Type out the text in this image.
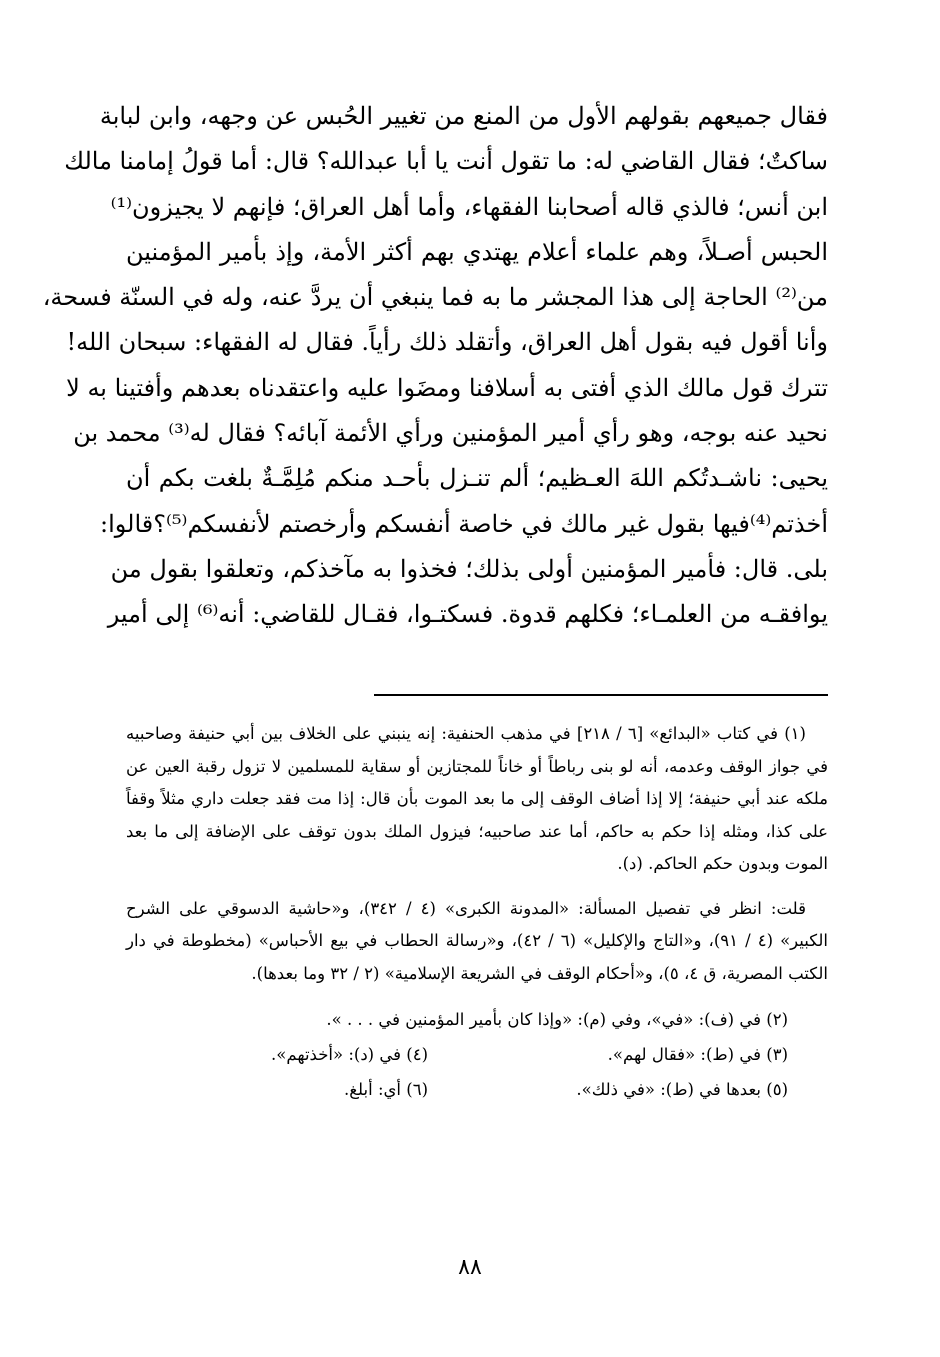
فقال جميعهم بقولهم الأول من المنع من تغيير الحُبس عن وجهه، وابن لبابة
ساكتٌ؛ فقال القاضي له: ما تقول أنت يا أبا عبدالله؟ قال: أما قولُ إمامنا مالك
ابن أنس؛ فالذي قاله أصحابنا الفقهاء، وأما أهل العراق؛ فإنهم لا يجيزون⁽¹⁾
الحبس أصـلاً، وهم علماء أعلام يهتدي بهم أكثر الأمة، وإذ بأمير المؤمنين
من⁽²⁾ الحاجة إلى هذا المجشر ما به فما ينبغي أن يردَّ عنه، وله في السنّة فسحة،
وأنا أقول فيه بقول أهل العراق، وأتقلد ذلك رأياً. فقال له الفقهاء: سبحان الله!
تترك قول مالك الذي أفتى به أسلافنا ومضَوا عليه واعتقدناه بعدهم وأفتينا به لا
نحيد عنه بوجه، وهو رأي أمير المؤمنين ورأي الأئمة آبائه؟ فقال له⁽³⁾ محمد بن
يحيى: ناشـدتُكم اللهَ العـظيم؛ ألم تنـزل بأحـد منكم مُلِمَّـةٌ بلغت بكم أن
أخذتم⁽⁴⁾فيها بقول غير مالك في خاصة أنفسكم وأرخصتم لأنفسكم⁽⁵⁾؟قالوا:
بلى. قال: فأمير المؤمنين أولى بذلك؛ فخذوا به مآخذكم، وتعلقوا بقول من
يوافقـه من العلمـاء؛ فكلهم قدوة. فسكتـوا، فقـال للقاضي: أنه⁽⁶⁾ إلى أمير

(١) في كتاب «البدائع» [٦ / ٢١٨] في مذهب الحنفية: إنه ينبني على الخلاف بين أبي حنيفة وصاحبيه في جواز الوقف وعدمه، أنه لو بنى رباطاً أو خاناً للمجتازين أو سقاية للمسلمين لا تزول رقبة العين عن ملكه عند أبي حنيفة؛ إلا إذا أضاف الوقف إلى ما بعد الموت بأن قال: إذا مت فقد جعلت داري مثلاً وقفاً على كذا، ومثله إذا حكم به حاكم، أما عند صاحبيه؛ فيزول الملك بدون توقف على الإضافة إلى ما بعد الموت وبدون حكم الحاكم. (د).

قلت: انظر في تفصيل المسألة: «المدونة الكبرى» (٤ / ٣٤٢)، و«حاشية الدسوقي على الشرح الكبير» (٤ / ٩١)، و«التاج والإكليل» (٦ / ٤٢)، و«رسالة الحطاب في بيع الأحباس» (مخطوطة في دار الكتب المصرية، ق ٤، ٥)، و«أحكام الوقف في الشريعة الإسلامية» (٢ / ٣٢ وما بعدها).

(٢) في (ف): «في»، وفي (م): «وإذا كان بأمير المؤمنين في . . . ».
(٣) في (ط): «فقال لهم».
(٤) في (د): «أخذتهم».
(٥) بعدها في (ط): «في ذلك».
(٦) أي: أبلغ.
٨٨
